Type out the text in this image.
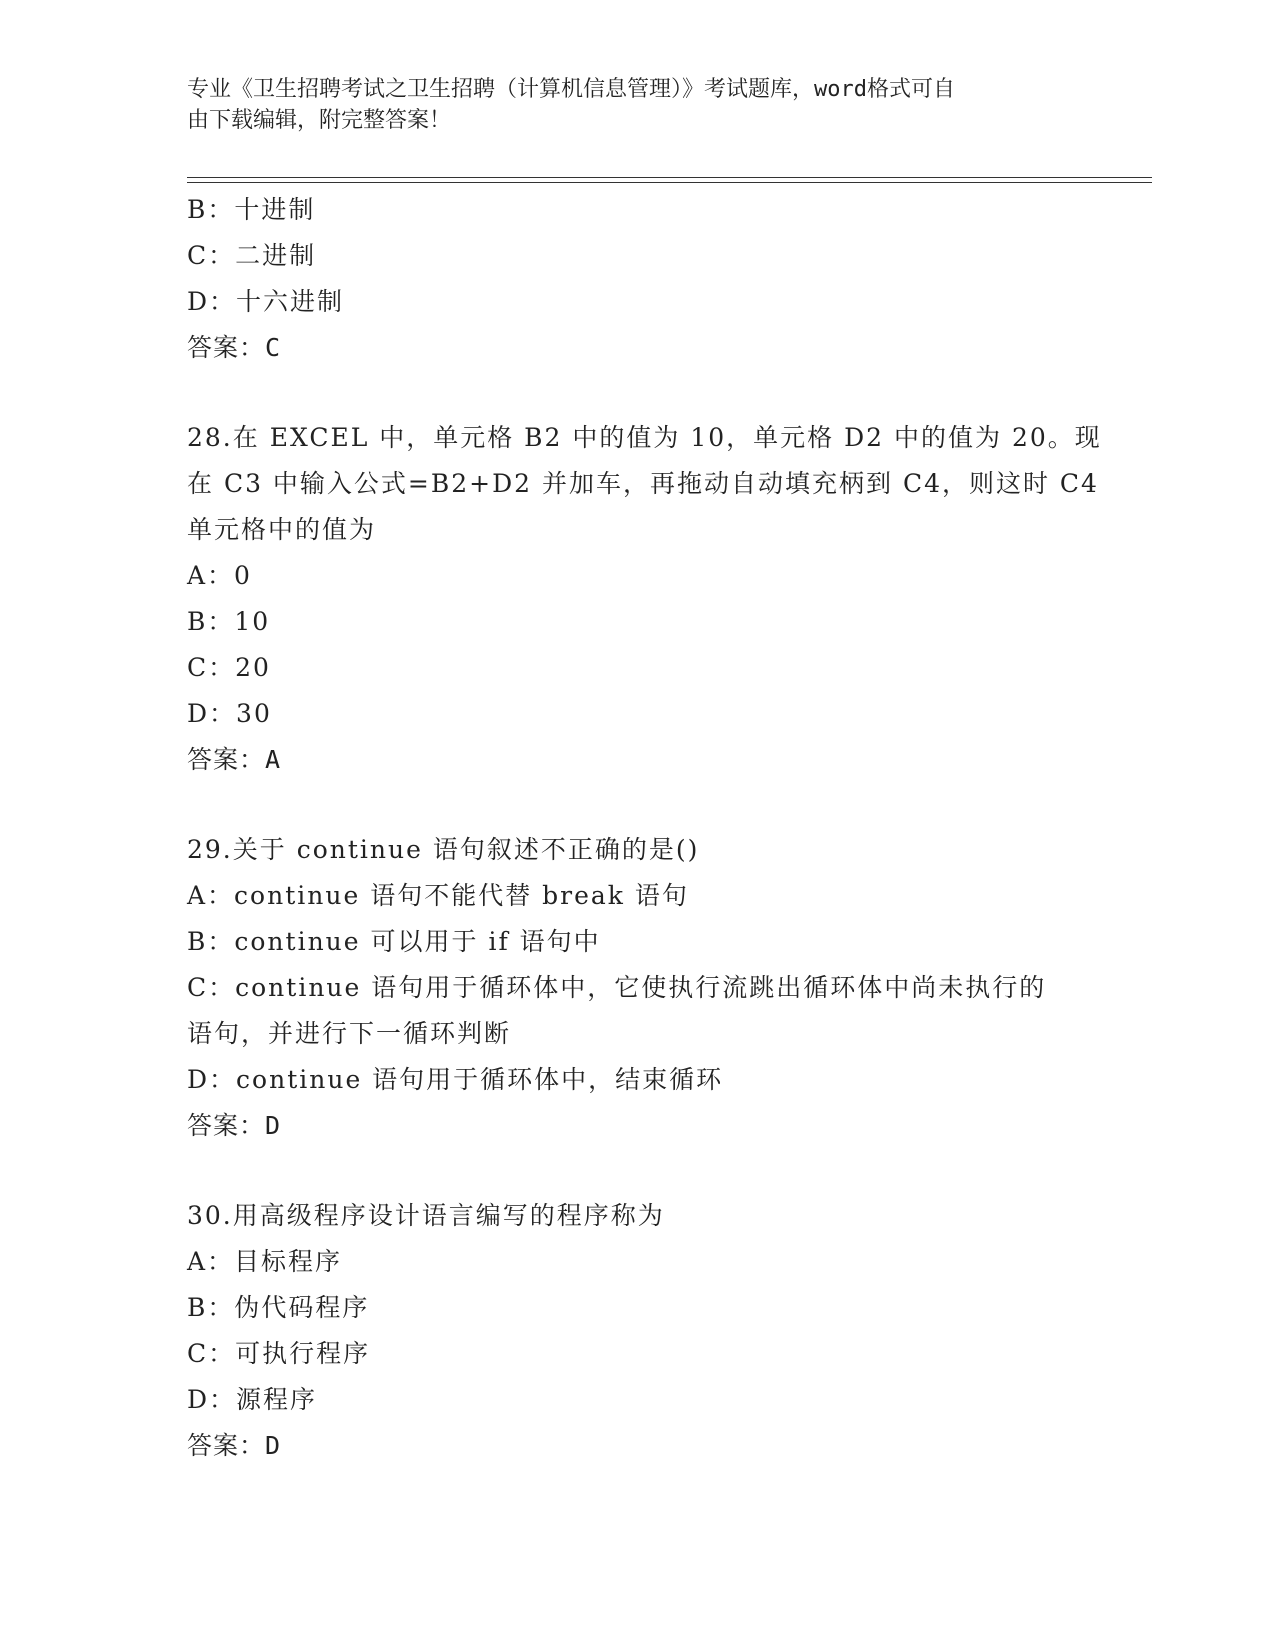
专业《卫生招聘考试之卫生招聘（计算机信息管理）》考试题库，word格式可自
由下载编辑，附完整答案！
B：十进制
C：二进制
D：十六进制
答案：C
28.在 EXCEL 中，单元格 B2 中的值为 10，单元格 D2 中的值为 20。现
在 C3 中输入公式=B2+D2 并加车，再拖动自动填充柄到 C4，则这时 C4
单元格中的值为
A：0
B：10
C：20
D：30
答案：A
29.关于 continue 语句叙述不正确的是()
A：continue 语句不能代替 break 语句
B：continue 可以用于 if 语句中
C：continue 语句用于循环体中，它使执行流跳出循环体中尚未执行的
语句，并进行下一循环判断
D：continue 语句用于循环体中，结束循环
答案：D
30.用高级程序设计语言编写的程序称为
A：目标程序
B：伪代码程序
C：可执行程序
D：源程序
答案：D
